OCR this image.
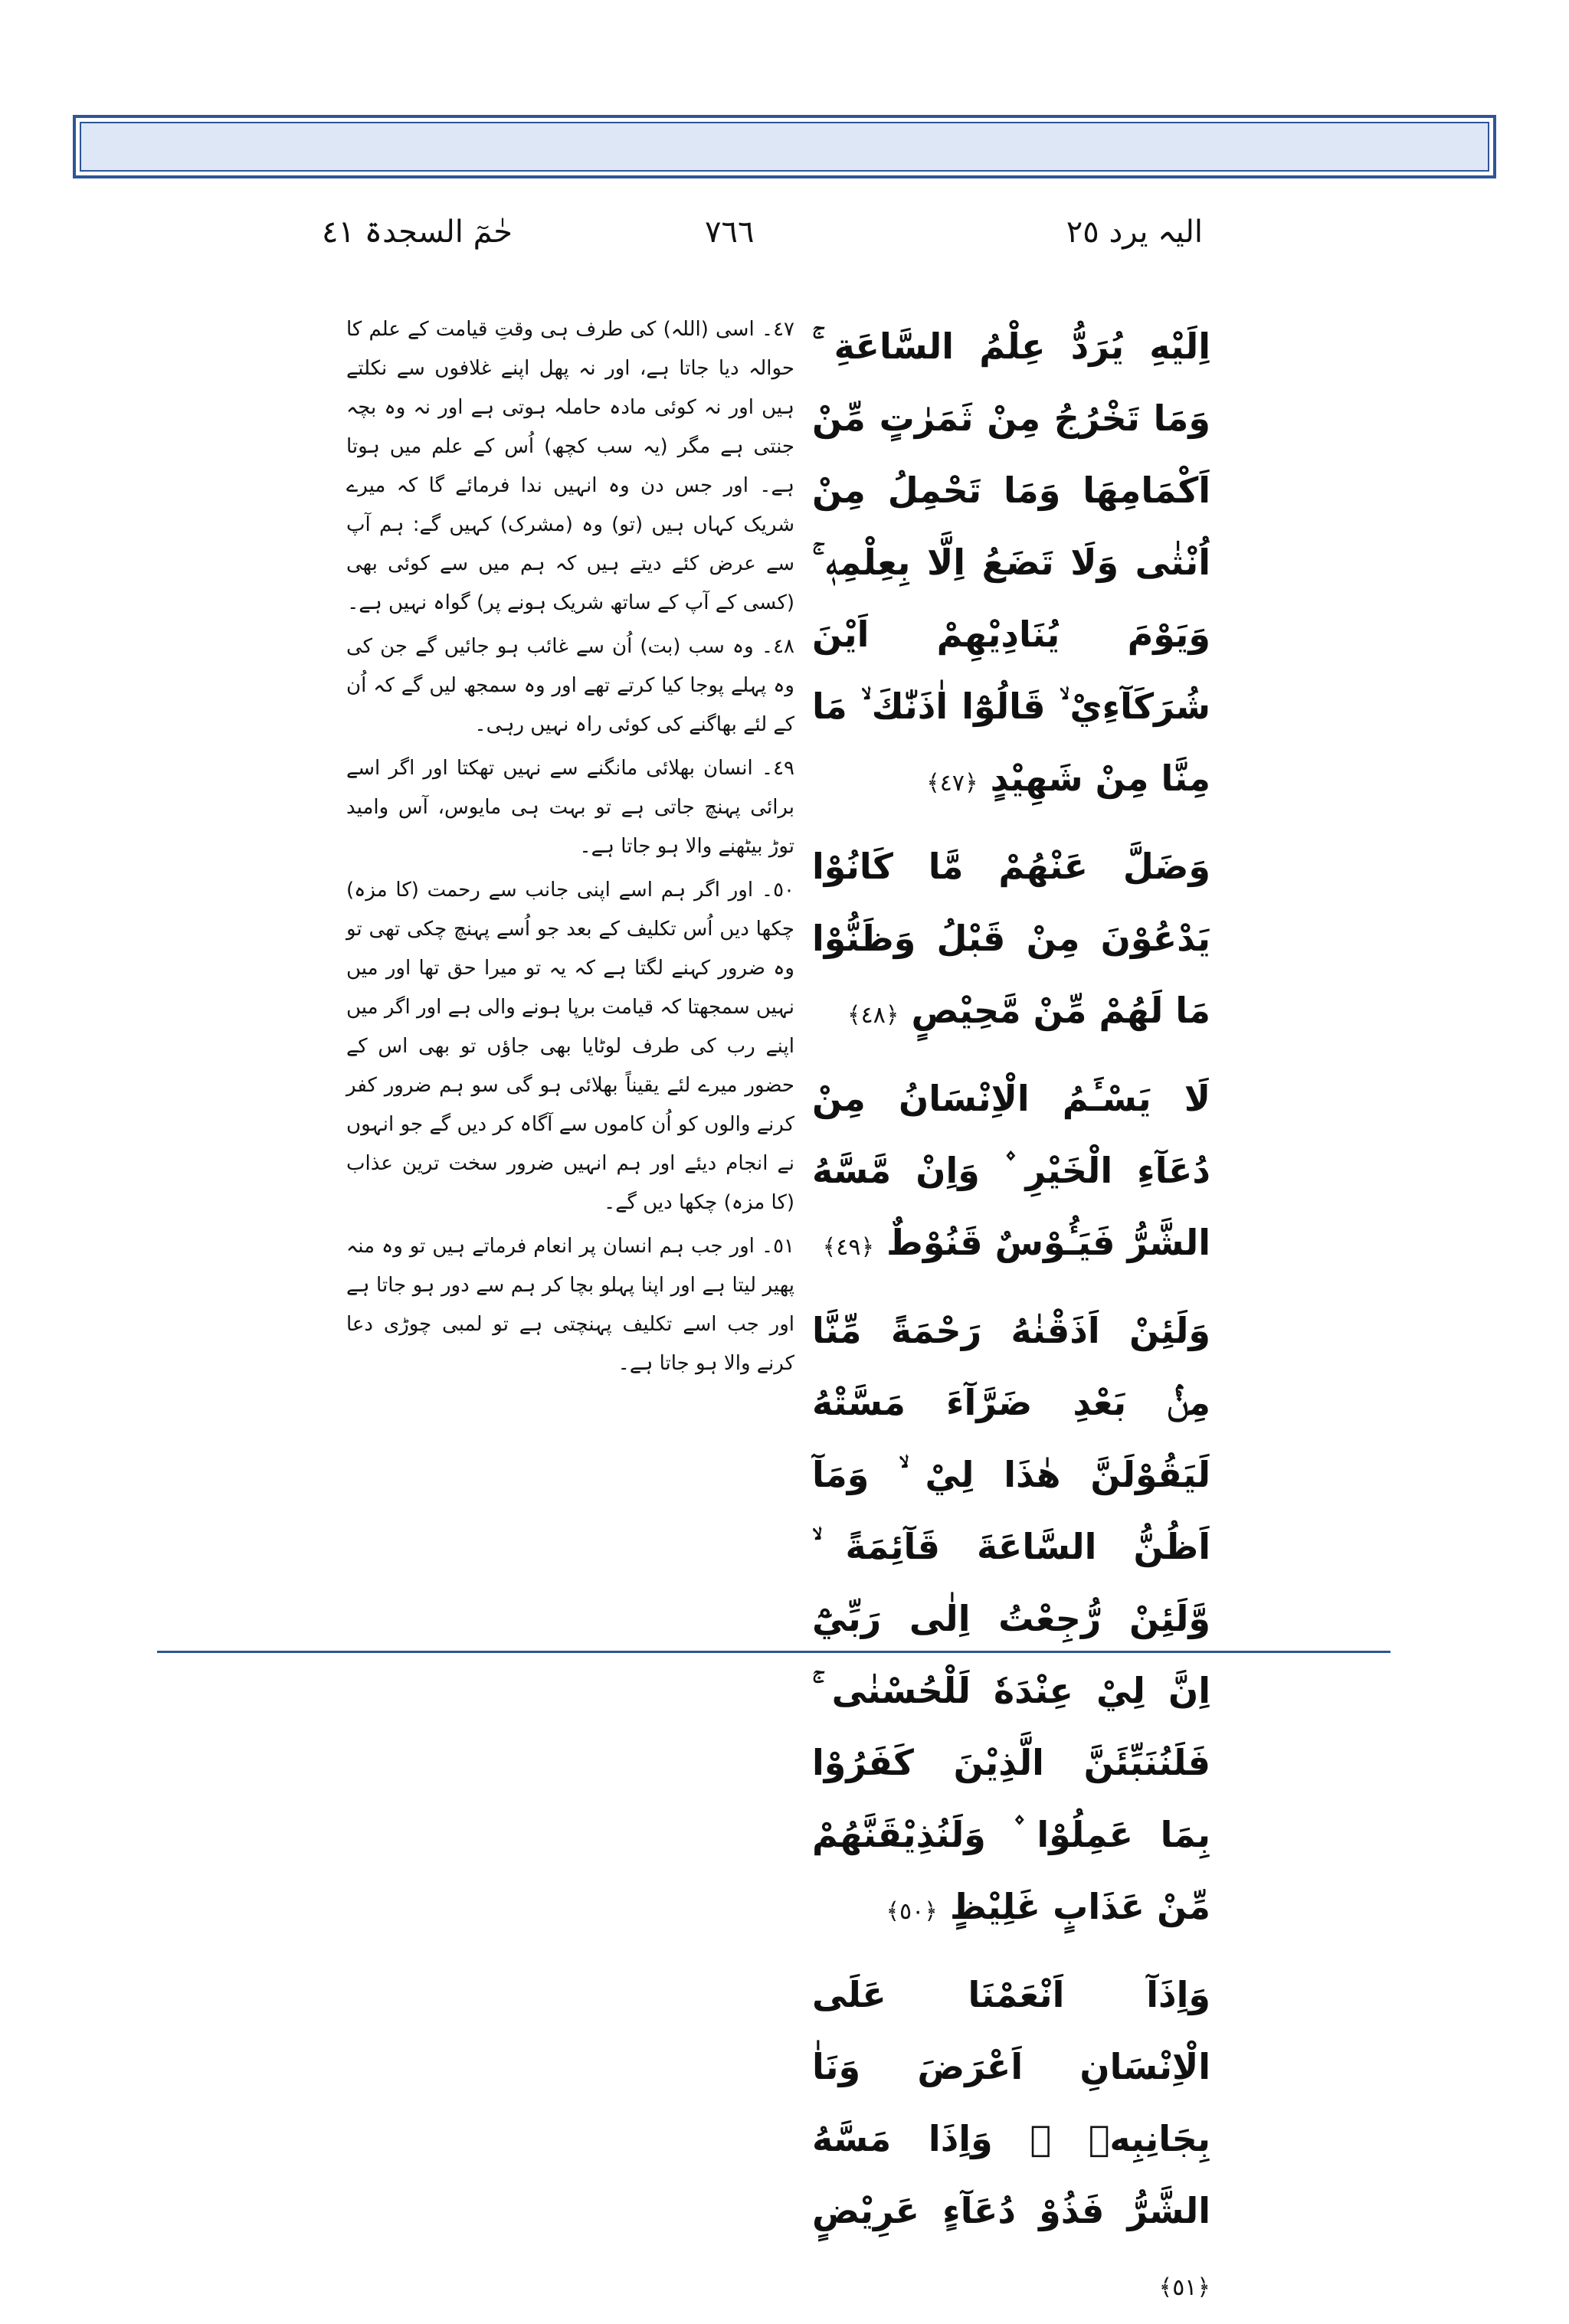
الیہ یرد ٢٥
٧٦٦
حٰمٓ السجدۃ ٤١

اِلَيْهِ يُرَدُّ عِلْمُ السَّاعَةِ ۚ وَمَا تَخْرُجُ مِنْ ثَمَرٰتٍ مِّنْ اَكْمَامِهَا وَمَا تَحْمِلُ مِنْ اُنْثٰى وَلَا تَضَعُ اِلَّا بِعِلْمِهٖ ۚ وَيَوْمَ يُنَادِيْهِمْ اَيْنَ شُرَكَآءِيْ ۙ قَالُوْٓا اٰذَنّٰكَ ۙ مَا مِنَّا مِنْ شَهِيْدٍ ﴿٤٧﴾

وَضَلَّ عَنْهُمْ مَّا كَانُوْا يَدْعُوْنَ مِنْ قَبْلُ وَظَنُّوْا مَا لَهُمْ مِّنْ مَّحِيْصٍ ﴿٤٨﴾

لَا يَسْـَٔمُ الْاِنْسَانُ مِنْ دُعَآءِ الْخَيْرِ ۫ وَاِنْ مَّسَّهُ الشَّرُّ فَيَـُٔوْسٌ قَنُوْطٌ ﴿٤٩﴾

وَلَئِنْ اَذَقْنٰهُ رَحْمَةً مِّنَّا مِنْۢ بَعْدِ ضَرَّآءَ مَسَّتْهُ لَيَقُوْلَنَّ هٰذَا لِيْ ۙ وَمَآ اَظُنُّ السَّاعَةَ قَآئِمَةً ۙ وَّلَئِنْ رُّجِعْتُ اِلٰى رَبِّيْٓ اِنَّ لِيْ عِنْدَهٗ لَلْحُسْنٰى ۚ فَلَنُنَبِّئَنَّ الَّذِيْنَ كَفَرُوْا بِمَا عَمِلُوْا ۫ وَلَنُذِيْقَنَّهُمْ مِّنْ عَذَابٍ غَلِيْظٍ ﴿٥٠﴾

وَاِذَآ اَنْعَمْنَا عَلَى الْاِنْسَانِ اَعْرَضَ وَنَاٰ بِجَانِبِهٖ ۚ وَاِذَا مَسَّهُ الشَّرُّ فَذُوْ دُعَآءٍ عَرِيْضٍ ﴿٥١﴾

٤٧۔ اسی (اللہ) کی طرف ہی وقتِ قیامت کے علم کا حوالہ دیا جاتا ہے، اور نہ پھل اپنے غلافوں سے نکلتے ہیں اور نہ کوئی مادہ حاملہ ہوتی ہے اور نہ وہ بچہ جنتی ہے مگر (یہ سب کچھ) اُس کے علم میں ہوتا ہے۔ اور جس دن وہ انہیں ندا فرمائے گا کہ میرے شریک کہاں ہیں (تو) وہ (مشرک) کہیں گے: ہم آپ سے عرض کئے دیتے ہیں کہ ہم میں سے کوئی بھی (کسی کے آپ کے ساتھ شریک ہونے پر) گواہ نہیں ہے۔

٤٨۔ وہ سب (بت) اُن سے غائب ہو جائیں گے جن کی وہ پہلے پوجا کیا کرتے تھے اور وہ سمجھ لیں گے کہ اُن کے لئے بھاگنے کی کوئی راہ نہیں رہی۔

٤٩۔ انسان بھلائی مانگنے سے نہیں تھکتا اور اگر اسے برائی پہنچ جاتی ہے تو بہت ہی مایوس، آس وامید توڑ بیٹھنے والا ہو جاتا ہے۔

٥٠۔ اور اگر ہم اسے اپنی جانب سے رحمت (کا مزہ) چکھا دیں اُس تکلیف کے بعد جو اُسے پہنچ چکی تھی تو وہ ضرور کہنے لگتا ہے کہ یہ تو میرا حق تھا اور میں نہیں سمجھتا کہ قیامت برپا ہونے والی ہے اور اگر میں اپنے رب کی طرف لوٹایا بھی جاؤں تو بھی اس کے حضور میرے لئے یقیناً بھلائی ہو گی سو ہم ضرور کفر کرنے والوں کو اُن کاموں سے آگاہ کر دیں گے جو انہوں نے انجام دیئے اور ہم انہیں ضرور سخت ترین عذاب (کا مزہ) چکھا دیں گے۔

٥١۔ اور جب ہم انسان پر انعام فرماتے ہیں تو وہ منہ پھیر لیتا ہے اور اپنا پہلو بچا کر ہم سے دور ہو جاتا ہے اور جب اسے تکلیف پہنچتی ہے تو لمبی چوڑی دعا کرنے والا ہو جاتا ہے۔
